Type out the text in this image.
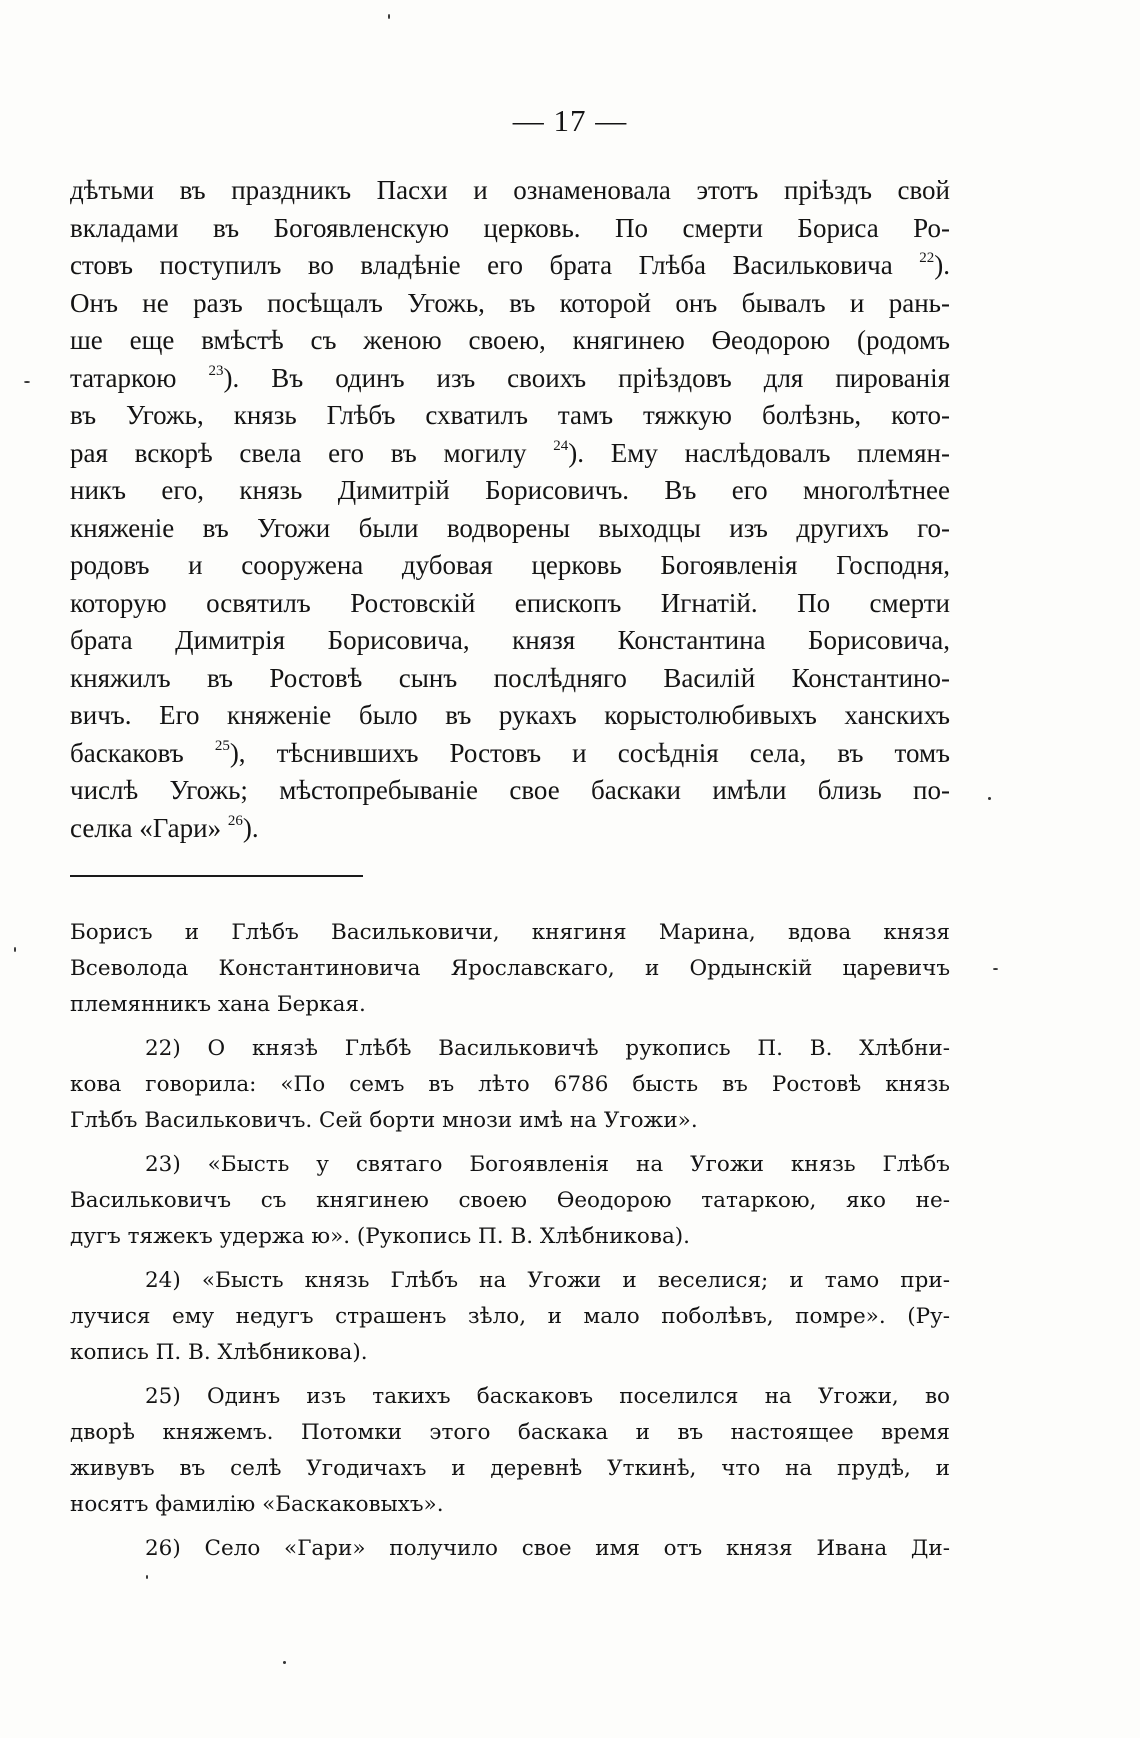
— 17 —
дѣтьми въ праздникъ Пасхи и ознаменовала этотъ пріѣздъ свой
вкладами въ Богоявленскую церковь. По смерти Бориса Ро-
стовъ поступилъ во владѣніе его брата Глѣба Васильковича $^{22}$).
Онъ не разъ посѣщалъ Угожь, въ которой онъ бывалъ и рань-
ше еще вмѣстѣ съ женою своею, княгинею Өеодорою (родомъ
татаркою $^{23}$). Въ одинъ изъ своихъ пріѣздовъ для пированія
въ Угожь, князь Глѣбъ схватилъ тамъ тяжкую болѣзнь, кото-
рая вскорѣ свела его въ могилу $^{24}$). Ему наслѣдовалъ племян-
никъ его, князь Димитрій Борисовичъ. Въ его многолѣтнее
княженіе въ Угожи были водворены выходцы изъ другихъ го-
родовъ и сооружена дубовая церковь Богоявленія Господня,
которую освятилъ Ростовскій епископъ Игнатій. По смерти
брата Димитрія Борисовича, князя Константина Борисовича,
княжилъ въ Ростовѣ сынъ послѣдняго Василій Константино-
вичъ. Его княженіе было въ рукахъ корыстолюбивыхъ ханскихъ
баскаковъ $^{25}$), тѣснившихъ Ростовъ и сосѣднія села, въ томъ
числѣ Угожь; мѣстопребываніе свое баскаки имѣли близь по-
селка «Гари» $^{26}$).
Борисъ и Глѣбъ Васильковичи, княгиня Марина, вдова князя
Всеволода Константиновича Ярославскаго, и Ордынскій царевичъ
племянникъ хана Беркая.
22) О князѣ Глѣбѣ Васильковичѣ рукопись П. В. Хлѣбни-
кова говорила: «По семъ въ лѣто 6786 бысть въ Ростовѣ князь
Глѣбъ Васильковичъ. Сей борти мнози имѣ на Угожи».
23) «Бысть у святаго Богоявленія на Угожи князь Глѣбъ
Васильковичъ съ княгинею своею Өеодорою татаркою, яко не-
дугъ тяжекъ удержа ю». (Рукопись П. В. Хлѣбникова).
24) «Бысть князь Глѣбъ на Угожи и веселися; и тамо при-
лучися ему недугъ страшенъ зѣло, и мало поболѣвъ, помре». (Ру-
копись П. В. Хлѣбникова).
25) Одинъ изъ такихъ баскаковъ поселился на Угожи, во
дворѣ княжемъ. Потомки этого баскака и въ настоящее время
живувъ въ селѣ Угодичахъ и деревнѣ Уткинѣ, что на прудѣ, и
носятъ фамилію «Баскаковыхъ».
26) Село «Гари» получило свое имя отъ князя Ивана Ди-
